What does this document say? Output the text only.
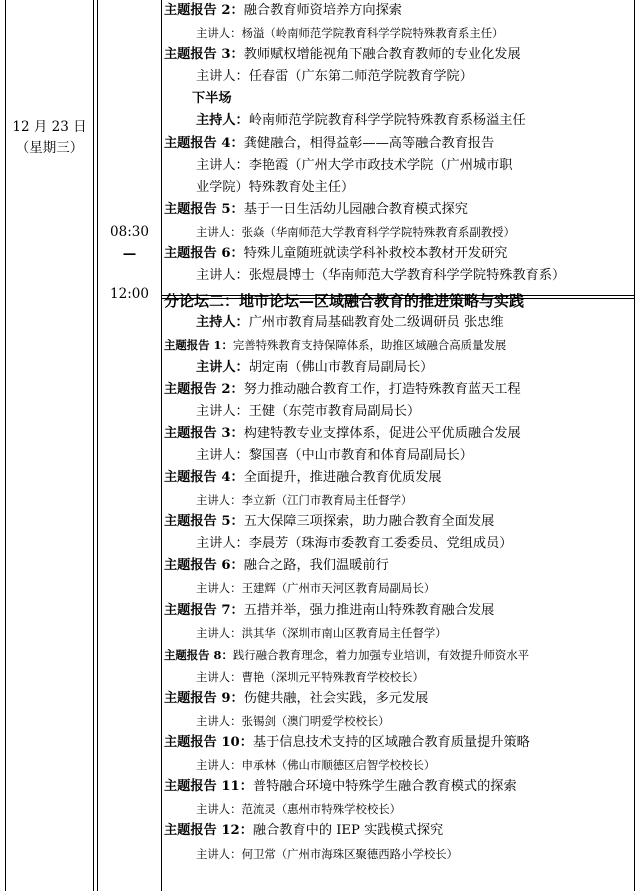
12 月 23 日
（星期三）
08:30
—
12:00
主题报告 2：融合教育师资培养方向探索
主讲人：杨溢（岭南师范学院教育科学学院特殊教育系主任）
主题报告 3：教师赋权增能视角下融合教育教师的专业化发展
主讲人：任春雷（广东第二师范学院教育学院）
下半场
主持人：岭南师范学院教育科学学院特殊教育系杨溢主任
主题报告 4：龚健融合，相得益彰——高等融合教育报告
主讲人：李艳霞（广州大学市政技术学院（广州城市职
业学院）特殊教育处主任）
主题报告 5：基于一日生活幼儿园融合教育模式探究
主讲人：张焱（华南师范大学教育科学学院特殊教育系副教授）
主题报告 6：特殊儿童随班就读学科补救校本教材开发研究
主讲人：张煜晨博士（华南师范大学教育科学学院特殊教育系）
分论坛二：地市论坛—区域融合教育的推进策略与实践
主持人：广州市教育局基础教育处二级调研员 张忠维
主题报告 1：完善特殊教育支持保障体系，助推区域融合高质量发展
主讲人：胡定南（佛山市教育局副局长）
主题报告 2：努力推动融合教育工作，打造特殊教育蓝天工程
主讲人：王健（东莞市教育局副局长）
主题报告 3：构建特教专业支撑体系，促进公平优质融合发展
主讲人：黎国喜（中山市教育和体育局副局长）
主题报告 4：全面提升，推进融合教育优质发展
主讲人：李立新（江门市教育局主任督学）
主题报告 5：五大保障三项探索，助力融合教育全面发展
主讲人：李晨芳（珠海市委教育工委委员、党组成员）
主题报告 6：融合之路，我们温暖前行
主讲人：王建辉（广州市天河区教育局副局长）
主题报告 7：五措并举，强力推进南山特殊教育融合发展
主讲人：洪其华（深圳市南山区教育局主任督学）
主题报告 8：践行融合教育理念，着力加强专业培训，有效提升师资水平
主讲人：曹艳（深圳元平特殊教育学校校长）
主题报告 9：伤健共融，社会实践，多元发展
主讲人：张锡剑（澳门明爱学校校长）
主题报告 10：基于信息技术支持的区域融合教育质量提升策略
主讲人：申承林（佛山市顺德区启智学校校长）
主题报告 11：普特融合环境中特殊学生融合教育模式的探索
主讲人：范流灵（惠州市特殊学校校长）
主题报告 12：融合教育中的 IEP 实践模式探究
主讲人：何卫常（广州市海珠区聚德西路小学校长）
